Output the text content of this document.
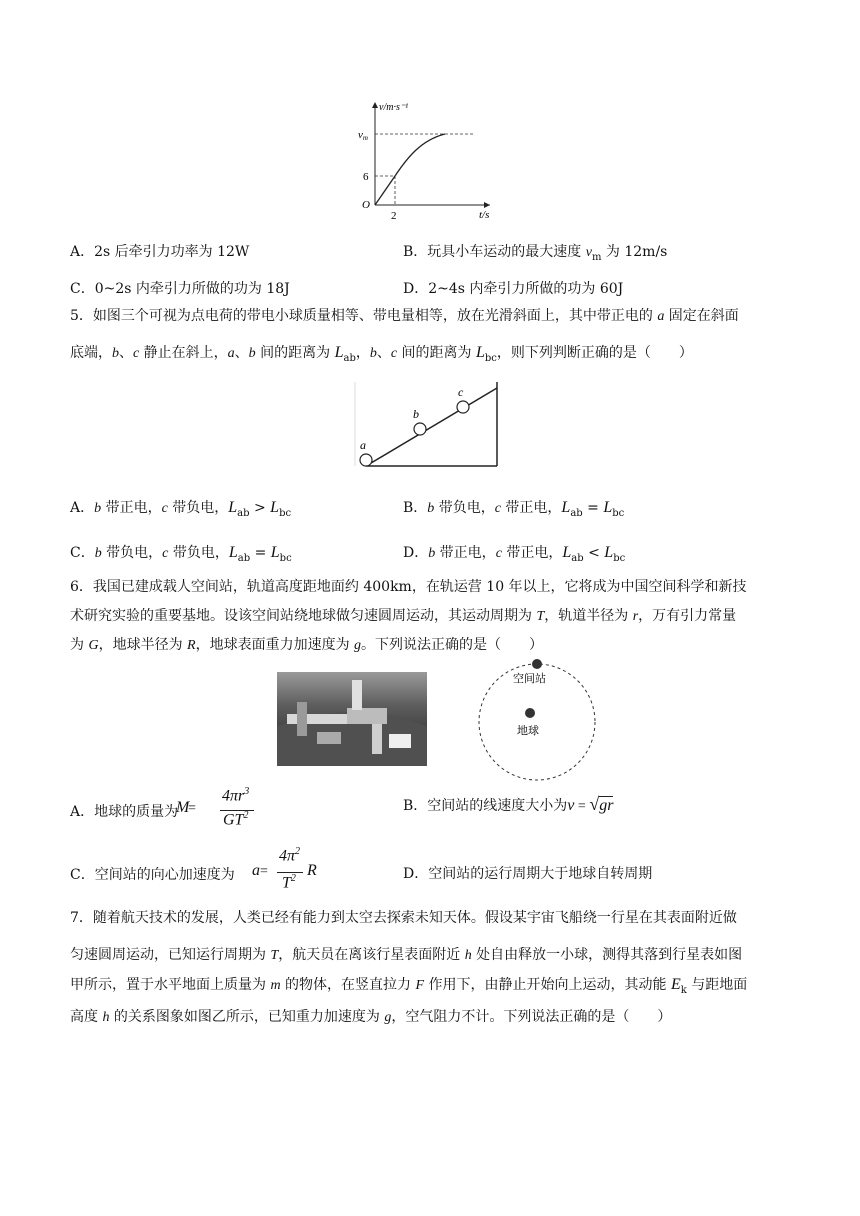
v/m·s⁻¹
vm
6
O
2	t/s
A．2s 后牵引力功率为 12W	B．玩具小车运动的最大速度 $v_m$ 为 12m/s
C．0~2s 内牵引力所做的功为 18J	D．2~4s 内牵引力所做的功为 60J
5．如图三个可视为点电荷的带电小球质量相等、带电量相等，放在光滑斜面上，其中带正电的 a 固定在斜面
底端，b、c 静止在斜上，a、b 间的距离为 $L_{ab}$，b、c 间的距离为 $L_{bc}$，则下列判断正确的是（　　）
a
b
c
A．b 带正电，c 带负电，$L_{ab} > L_{bc}$	B．b 带负电，c 带正电，$L_{ab} = L_{bc}$
C．b 带负电，c 带负电，$L_{ab} = L_{bc}$	D．b 带正电，c 带正电，$L_{ab} < L_{bc}$
6．我国已建成载人空间站，轨道高度距地面约 400km，在轨运营 10 年以上，它将成为中国空间科学和新技
术研究实验的重要基地。设该空间站绕地球做匀速圆周运动，其运动周期为 T，轨道半径为 r，万有引力常量
为 G，地球半径为 R，地球表面重力加速度为 g。下列说法正确的是（　　）
空间站
地球
A．地球的质量为
M
=
$4\pi r^3$
$GT^2$
B．空间站的线速度大小为v = √gr
C．空间站的向心加速度为 a =
$4\pi^2$
$T^2$ R	D．空间站的运行周期大于地球自转周期
7．随着航天技术的发展，人类已经有能力到太空去探索未知天体。假设某宇宙飞船绕一行星在其表面附近做
匀速圆周运动，已知运行周期为 T，航天员在离该行星表面附近 h 处自由释放一小球，测得其落到行星表如图
甲所示，置于水平地面上质量为 m 的物体，在竖直拉力 F 作用下，由静止开始向上运动，其动能 $E_k$ 与距地面
高度 h 的关系图象如图乙所示，已知重力加速度为 g，空气阻力不计。下列说法正确的是（　　）
